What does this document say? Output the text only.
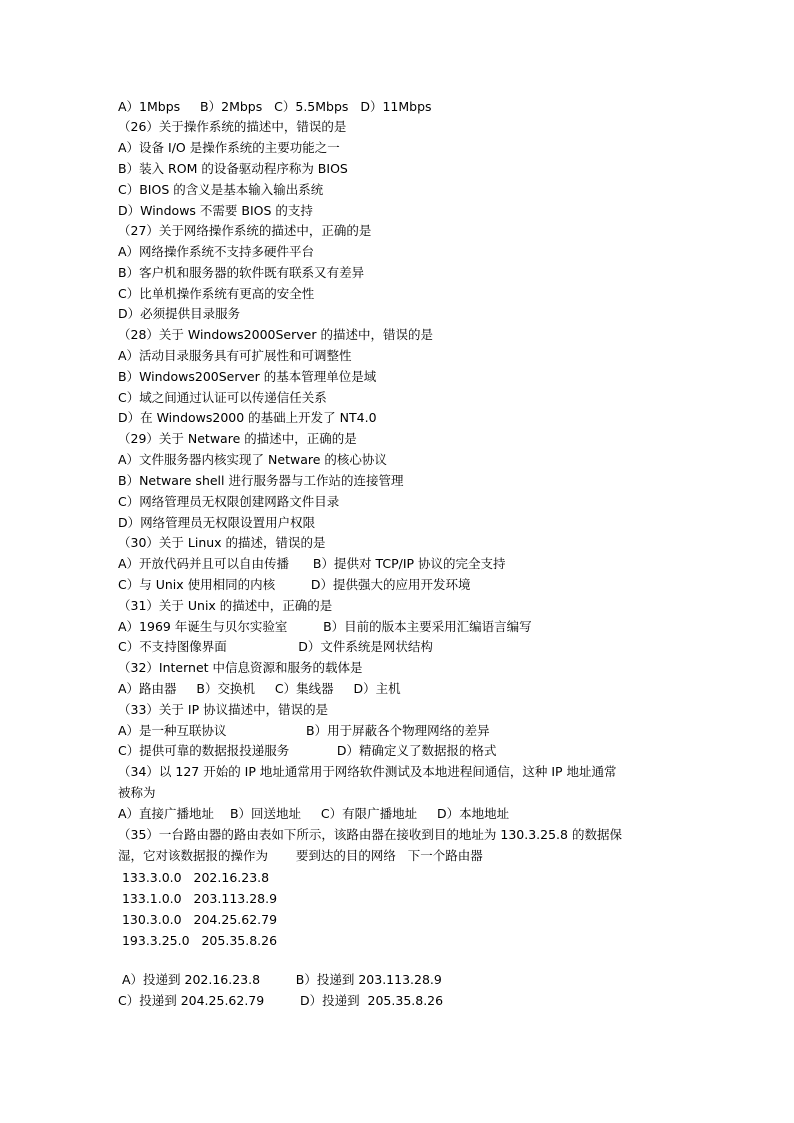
A）1Mbps     B）2Mbps   C）5.5Mbps   D）11Mbps
（26）关于操作系统的描述中，错误的是
A）设备 I/O 是操作系统的主要功能之一
B）装入 ROM 的设备驱动程序称为 BIOS
C）BIOS 的含义是基本输入输出系统
D）Windows 不需要 BIOS 的支持
（27）关于网络操作系统的描述中，正确的是
A）网络操作系统不支持多硬件平台
B）客户机和服务器的软件既有联系又有差异
C）比单机操作系统有更高的安全性
D）必须提供目录服务
（28）关于 Windows2000Server 的描述中，错误的是
A）活动目录服务具有可扩展性和可调整性
B）Windows200Server 的基本管理单位是域
C）域之间通过认证可以传递信任关系
D）在 Windows2000 的基础上开发了 NT4.0
（29）关于 Netware 的描述中，正确的是
A）文件服务器内核实现了 Netware 的核心协议
B）Netware shell 进行服务器与工作站的连接管理
C）网络管理员无权限创建网路文件目录
D）网络管理员无权限设置用户权限
（30）关于 Linux 的描述，错误的是
A）开放代码并且可以自由传播      B）提供对 TCP/IP 协议的完全支持
C）与 Unix 使用相同的内核         D）提供强大的应用开发环境
（31）关于 Unix 的描述中，正确的是
A）1969 年诞生与贝尔实验室         B）目前的版本主要采用汇编语言编写
C）不支持图像界面                  D）文件系统是网状结构
（32）Internet 中信息资源和服务的载体是
A）路由器     B）交换机     C）集线器     D）主机
（33）关于 IP 协议描述中，错误的是
A）是一种互联协议                    B）用于屏蔽各个物理网络的差异
C）提供可靠的数据报投递服务            D）精确定义了数据报的格式
（34）以 127 开始的 IP 地址通常用于网络软件测试及本地进程间通信，这种 IP 地址通常
被称为
A）直接广播地址    B）回送地址     C）有限广播地址     D）本地地址
（35）一台路由器的路由表如下所示，该路由器在接收到目的地址为 130.3.25.8 的数据保
湿，它对该数据报的操作为       要到达的目的网络   下一个路由器
133.3.0.0   202.16.23.8
133.1.0.0   203.113.28.9
130.3.0.0   204.25.62.79
193.3.25.0   205.35.8.26
A）投递到 202.16.23.8         B）投递到 203.113.28.9
C）投递到 204.25.62.79         D）投递到  205.35.8.26
